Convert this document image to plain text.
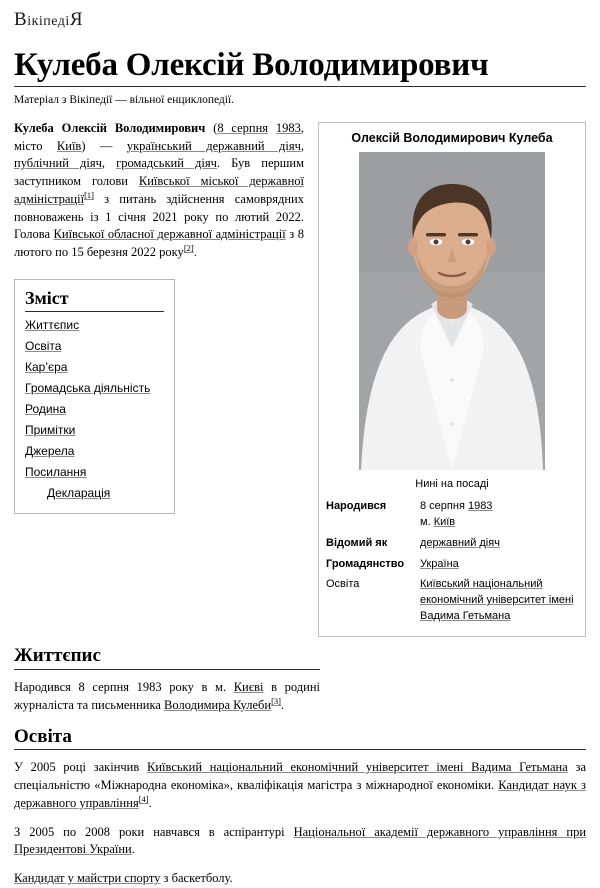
ВікіпедіЯ
Кулеба Олексій Володимирович
Матеріал з Вікіпедії — вільної енциклопедії.
Олексій Володимирович Кулеба
Нині на посаді
Народився	8 серпня 1983
м. Київ
Відомий як	державний діяч
Громадянство	Україна
Освіта	Київський національний економічний університет імені Вадима Гетьмана

Кулеба Олексій Володимирович (8 серпня 1983, місто Київ) — український державний діяч, публічний діяч, громадський діяч. Був першим заступником голови Київської міської державної адміністрації[1] з питань здійснення самоврядних повноважень із 1 січня 2021 року по лютий 2022. Голова Київської обласної державної адміністрації з 8 лютого по 15 березня 2022 року[2].

Зміст
Життєпис
Освіта
Кар’єра
Громадська діяльність
Родина
Примітки
Джерела
Посилання
Декларація
Життєпис

Народився 8 серпня 1983 року в м. Києві в родині журналіста та письменника Володимира Кулеби[3].

Освіта

У 2005 році закінчив Київський національний економічний університет імені Вадима Гетьмана за спеціальністю «Міжнародна економіка», кваліфікація магістра з міжнародної економіки. Кандидат наук з державного управління[4].

З 2005 по 2008 роки навчався в аспірантурі Національної академії державного управління при Президентові України.

Кандидат у майстри спорту з баскетболу.
